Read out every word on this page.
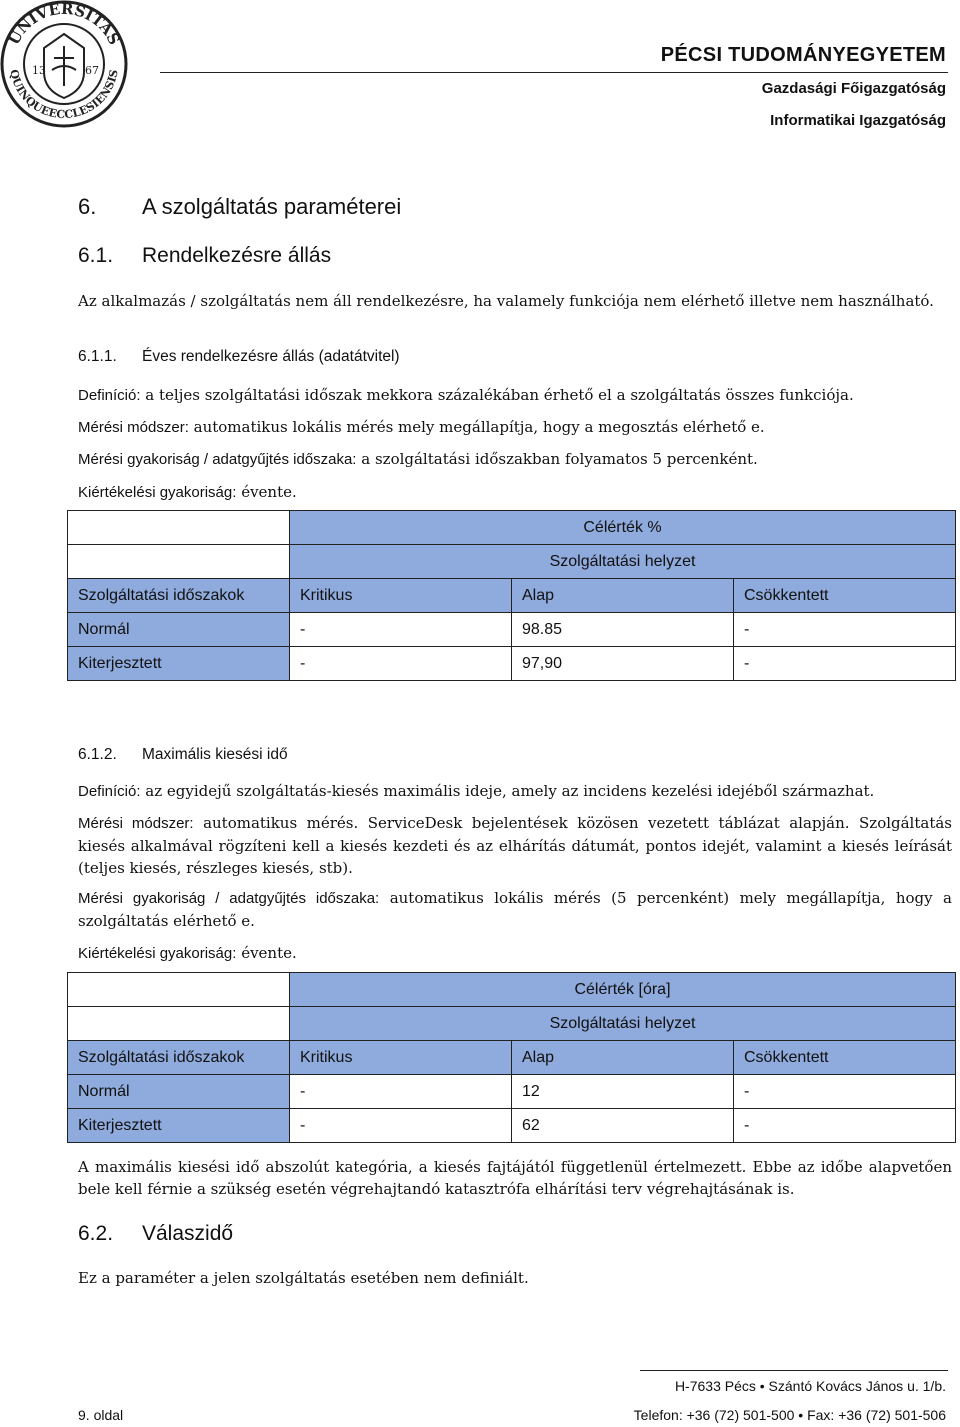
UNIVERSITAS
QUINQUEECCLESIENSIS
13	67
PÉCSI TUDOMÁNYEGYETEM
Gazdasági Főigazgatóság
Informatikai Igazgatóság
6. A szolgáltatás paraméterei
6.1. Rendelkezésre állás
Az alkalmazás / szolgáltatás nem áll rendelkezésre, ha valamely funkciója nem elérhető illetve nem használható.
6.1.1. Éves rendelkezésre állás (adatátvitel)
Definíció: a teljes szolgáltatási időszak mekkora százalékában érhető el a szolgáltatás összes funkciója.
Mérési módszer: automatikus lokális mérés mely megállapítja, hogy a megosztás elérhető e.
Mérési gyakoriság / adatgyűjtés időszaka: a szolgáltatási időszakban folyamatos 5 percenként.
Kiértékelési gyakoriság: évente.
	Célérték %		
	Szolgáltatási helyzet		
Szolgáltatási időszakok	Kritikus	Alap	Csökkentett
Normál	-	98.85	-
Kiterjesztett	-	97,90	-
6.1.2. Maximális kiesési idő
Definíció: az egyidejű szolgáltatás-kiesés maximális ideje, amely az incidens kezelési idejéből származhat.
Mérési módszer: automatikus mérés. ServiceDesk bejelentések közösen vezetett táblázat alapján. Szolgáltatás kiesés alkalmával rögzíteni kell a kiesés kezdeti és az elhárítás dátumát, pontos idejét, valamint a kiesés leírását (teljes kiesés, részleges kiesés, stb).
Mérési gyakoriság / adatgyűjtés időszaka: automatikus lokális mérés (5 percenként) mely megállapítja, hogy a szolgáltatás elérhető e.
Kiértékelési gyakoriság: évente.
	Célérték [óra]		
	Szolgáltatási helyzet		
Szolgáltatási időszakok	Kritikus	Alap	Csökkentett
Normál	-	12	-
Kiterjesztett	-	62	-
A maximális kiesési idő abszolút kategória, a kiesés fajtájától függetlenül értelmezett. Ebbe az időbe alapvetően bele kell férnie a szükség esetén végrehajtandó katasztrófa elhárítási terv végrehajtásának is.
6.2. Válaszidő
Ez a paraméter a jelen szolgáltatás esetében nem definiált.
H-7633 Pécs • Szántó Kovács János u. 1/b.
9. oldal	Telefon: +36 (72) 501-500 • Fax: +36 (72) 501-506
